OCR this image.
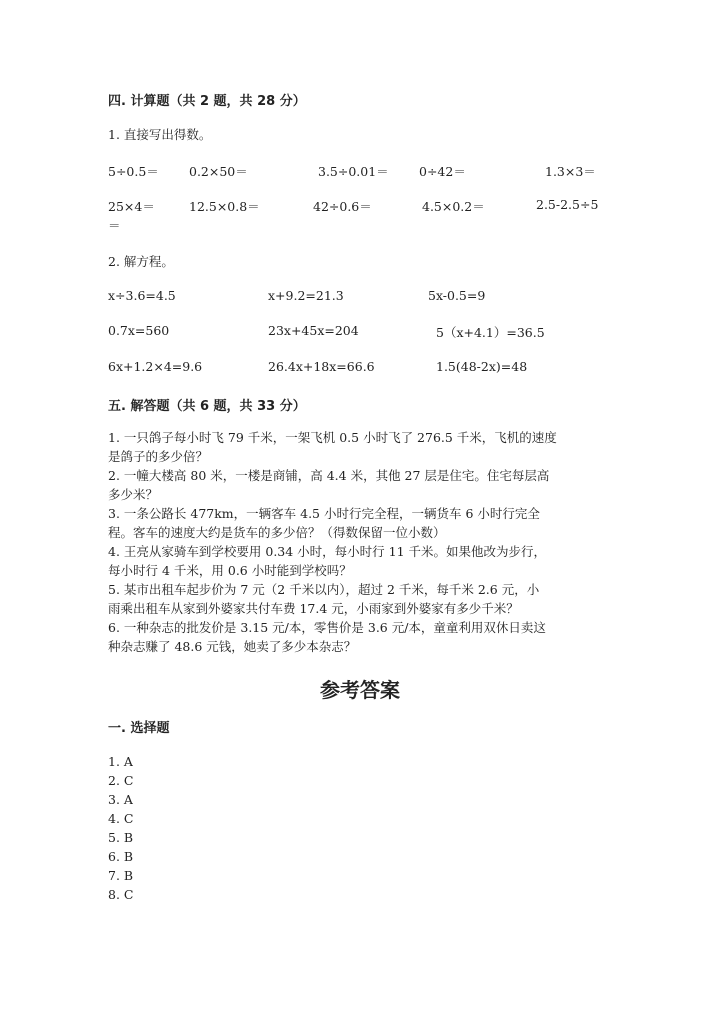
四. 计算题（共 2 题，共 28 分）
1. 直接写出得数。
5÷0.5＝ 0.2×50＝	3.5÷0.01＝ 0÷42＝	1.3×3＝
25×4＝	12.5×0.8＝	42÷0.6＝	4.5×0.2＝	2.5-2.5÷5
＝
2. 解方程。
x÷3.6=4.5	x+9.2=21.3	5x-0.5=9
0.7x=560	23x+45x=204	5（x+4.1）=36.5
6x+1.2×4=9.6	26.4x+18x=66.6	1.5(48-2x)=48
五. 解答题（共 6 题，共 33 分）
1. 一只鸽子每小时飞 79 千米，一架飞机 0.5 小时飞了 276.5 千米，飞机的速度
是鸽子的多少倍？
2. 一幢大楼高 80 米，一楼是商铺，高 4.4 米，其他 27 层是住宅。住宅每层高
多少米？
3. 一条公路长 477km，一辆客车 4.5 小时行完全程，一辆货车 6 小时行完全
程。客车的速度大约是货车的多少倍？（得数保留一位小数）
4. 王亮从家骑车到学校要用 0.34 小时，每小时行 11 千米。如果他改为步行，
每小时行 4 千米，用 0.6 小时能到学校吗？
5. 某市出租车起步价为 7 元（2 千米以内），超过 2 千米，每千米 2.6 元，小
雨乘出租车从家到外婆家共付车费 17.4 元，小雨家到外婆家有多少千米？
6. 一种杂志的批发价是 3.15 元/本，零售价是 3.6 元/本，童童利用双休日卖这
种杂志赚了 48.6 元钱，她卖了多少本杂志？
参考答案
一. 选择题
1. A
2. C
3. A
4. C
5. B
6. B
7. B
8. C
